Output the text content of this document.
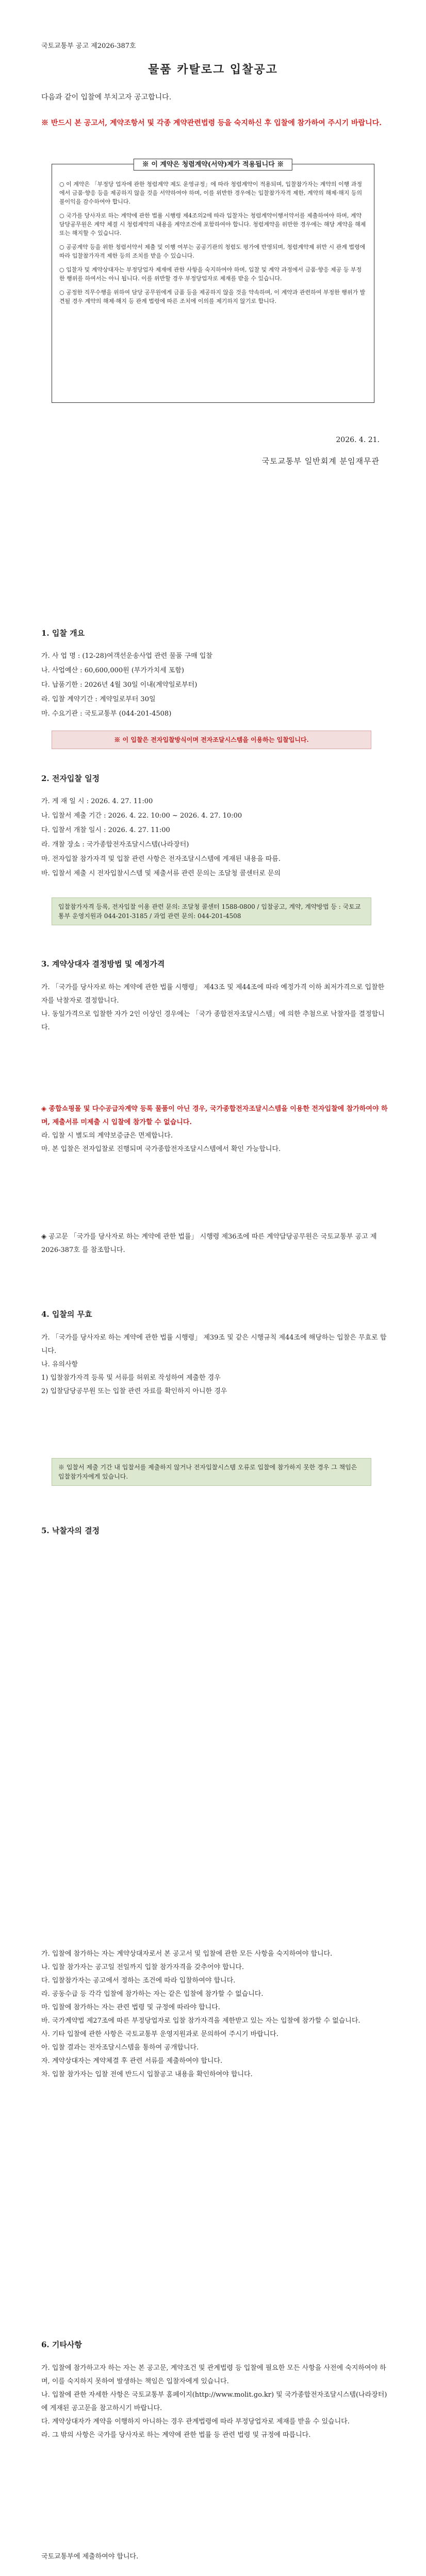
국토교통부 공고 제2026-387호
물품 카탈로그 입찰공고
다음과 같이 입찰에 부치고자 공고합니다.
※ 반드시 본 공고서, 계약조항서 및 각종 계약관련법령 등을 숙지하신 후 입찰에 참가하여 주시기 바랍니다.
※ 이 계약은 청렴계약(서약)제가 적용됩니다 ※

○ 이 계약은 「부정당 업자에 관한 청렴계약 제도 운영규정」에 따라 청렴계약이 적용되며, 입찰참가자는 계약의 이행 과정에서 금품·향응 등을 제공하지 않을 것을 서약하여야 하며, 이를 위반한 경우에는 입찰참가자격 제한, 계약의 해제·해지 등의 불이익을 감수하여야 합니다.

○ 국가를 당사자로 하는 계약에 관한 법률 시행령 제4조의2에 따라 입찰자는 청렴계약이행서약서를 제출하여야 하며, 계약담당공무원은 계약 체결 시 청렴계약의 내용을 계약조건에 포함하여야 합니다. 청렴계약을 위반한 경우에는 해당 계약을 해제 또는 해지할 수 있습니다.

○ 공공계약 등을 위한 청렴서약서 제출 및 이행 여부는 공공기관의 청렴도 평가에 반영되며, 청렴계약제 위반 시 관계 법령에 따라 입찰참가자격 제한 등의 조치를 받을 수 있습니다.

○ 입찰자 및 계약상대자는 부정당업자 제재에 관한 사항을 숙지하여야 하며, 입찰 및 계약 과정에서 금품·향응 제공 등 부정한 행위를 하여서는 아니 됩니다. 이를 위반할 경우 부정당업자로 제재를 받을 수 있습니다.

○ 공정한 직무수행을 위하여 담당 공무원에게 금품 등을 제공하지 않을 것을 약속하며, 이 계약과 관련하여 부정한 행위가 발견될 경우 계약의 해제·해지 등 관계 법령에 따른 조치에 이의를 제기하지 않기로 합니다.

2026. 4. 21.
국토교통부 일반회계 분임재무관
1. 입찰 개요
가. 사 업 명 : (12-28)여객선운송사업 관련 물품 구매 입찰
나. 사업예산 : 60,600,000원 (부가가치세 포함)
다. 납품기한 : 2026년 4월 30일 이내(계약일로부터)
라. 입찰 계약기간 : 계약일로부터 30일
마. 수요기관 : 국토교통부 (044-201-4508)
※ 이 입찰은 전자입찰방식이며 전자조달시스템을 이용하는 입찰입니다.
2. 전자입찰 일정
가. 게 재 일 시 : 2026. 4. 27. 11:00
나. 입찰서 제출 기간 : 2026. 4. 22. 10:00 ~ 2026. 4. 27. 10:00
다. 입찰서 개찰 일시 : 2026. 4. 27. 11:00
라. 개찰 장소 : 국가종합전자조달시스템(나라장터)
마. 전자입찰 참가자격 및 입찰 관련 사항은 전자조달시스템에 게재된 내용을 따름.
바. 입찰서 제출 시 전자입찰시스템 및 제출서류 관련 문의는 조달청 콜센터로 문의
입찰참가자격 등록, 전자입찰 이용 관련 문의: 조달청 콜센터 1588-0800 / 입찰공고, 계약, 계약방법 등 : 국토교통부 운영지원과 044-201-3185 / 과업 관련 문의: 044-201-4508
3. 계약상대자 결정방법 및 예정가격
가. 「국가를 당사자로 하는 계약에 관한 법률 시행령」 제43조 및 제44조에 따라 예정가격 이하 최저가격으로 입찰한 자를 낙찰자로 결정합니다.
나. 동일가격으로 입찰한 자가 2인 이상인 경우에는 「국가 종합전자조달시스템」에 의한 추첨으로 낙찰자를 결정합니다.
◈ 종합쇼핑몰 및 다수공급자계약 등록 물품이 아닌 경우, 국가종합전자조달시스템을 이용한 전자입찰에 참가하여야 하며, 제출서류 미제출 시 입찰에 참가할 수 없습니다.
라. 입찰 시 별도의 계약보증금은 면제합니다.
마. 본 입찰은 전자입찰로 진행되며 국가종합전자조달시스템에서 확인 가능합니다.
◈ 공고문 「국가를 당사자로 하는 계약에 관한 법률」 시행령 제36조에 따른 계약담당공무원은 국토교통부 공고 제2026-387호 를 참조합니다.
4. 입찰의 무효
가. 「국가를 당사자로 하는 계약에 관한 법률 시행령」 제39조 및 같은 시행규칙 제44조에 해당하는 입찰은 무효로 합니다.
나. 유의사항
1) 입찰참가자격 등록 및 서류를 허위로 작성하여 제출한 경우
2) 입찰담당공무원 또는 입찰 관련 자료를 확인하지 아니한 경우
※ 입찰서 제출 기간 내 입찰서를 제출하지 않거나 전자입찰시스템 오류로 입찰에 참가하지 못한 경우 그 책임은 입찰참가자에게 있습니다.
5. 낙찰자의 결정
가. 입찰에 참가하는 자는 계약상대자로서 본 공고서 및 입찰에 관한 모든 사항을 숙지하여야 합니다.
나. 입찰 참가자는 공고일 전일까지 입찰 참가자격을 갖추어야 합니다.
다. 입찰참가자는 공고에서 정하는 조건에 따라 입찰하여야 합니다.
라. 공동수급 등 각각 입찰에 참가하는 자는 같은 입찰에 참가할 수 없습니다.
마. 입찰에 참가하는 자는 관련 법령 및 규정에 따라야 합니다.
바. 국가계약법 제27조에 따른 부정당업자로 입찰 참가자격을 제한받고 있는 자는 입찰에 참가할 수 없습니다.
사. 기타 입찰에 관한 사항은 국토교통부 운영지원과로 문의하여 주시기 바랍니다.
아. 입찰 결과는 전자조달시스템을 통하여 공개합니다.
자. 계약상대자는 계약체결 후 관련 서류를 제출하여야 합니다.
차. 입찰 참가자는 입찰 전에 반드시 입찰공고 내용을 확인하여야 합니다.
6. 기타사항
가. 입찰에 참가하고자 하는 자는 본 공고문, 계약조건 및 관계법령 등 입찰에 필요한 모든 사항을 사전에 숙지하여야 하며, 이를 숙지하지 못하여 발생하는 책임은 입찰자에게 있습니다.
나. 입찰에 관한 자세한 사항은 국토교통부 홈페이지(http://www.molit.go.kr) 및 국가종합전자조달시스템(나라장터)에 게재된 공고문을 참고하시기 바랍니다.
다. 계약상대자가 계약을 이행하지 아니하는 경우 관계법령에 따라 부정당업자로 제재를 받을 수 있습니다.
라. 그 밖의 사항은 국가를 당사자로 하는 계약에 관한 법률 등 관련 법령 및 규정에 따릅니다.
국토교통부에 제출하여야 합니다.
